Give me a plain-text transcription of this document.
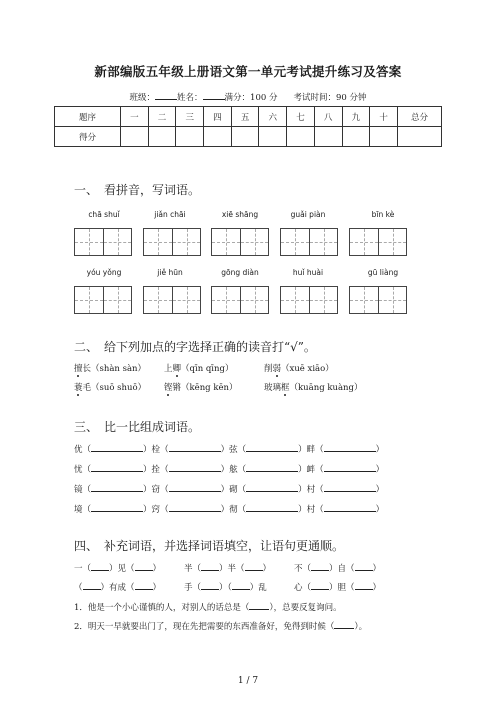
新部编版五年级上册语文第一单元考试提升练习及答案
班级：	姓名：	满分：100 分 考试时间：90 分钟
题序	一	二	三	四	五	六	七	八	九	十	总分
得分											
一、 看拼音，写词语。
chā shuǐ	jiǎn chāi	xiē shāng	guǎi piàn	bīn kè
yóu yǒng	jiě hūn	gōng diàn	huǐ huài	gū liàng
二、 给下列加点的字选择正确的读音打“√”。
擅长（shàn sàn） 上卿（qīn qīng）	削弱（xuē xiāo）
蓑毛（suō shuō） 铿锵（kēng kēn）	玻璃框（kuāng kuàng）
三、 比一比组成词语。
优（	）栓（	）弦（	）畔（	）
忧（	）拴（	）舷（	）衅（	）
镜（	）窃（	）砌（	）村（	）
境（	）窍（	）彻（	）村（	）
四、 补充词语，并选择词语填空，让语句更通顺。
一（ ）见（ ）	半（ ）半（ ）	不（ ）自（ ）
（ ）有成（ ）	手（ ）（ ）乱	心（ ）胆（ ）
1．他是一个小心谨慎的人，对别人的话总是（ ），总要反复询问。
2．明天一早就要出门了，现在先把需要的东西准备好，免得到时候（ ）。
1 / 7
